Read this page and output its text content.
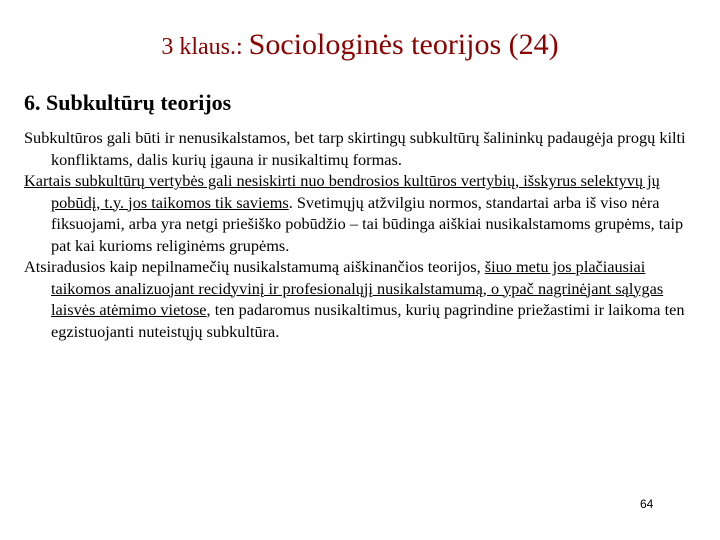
3 klaus.: Sociologinės teorijos (24)
6. Subkultūrų teorijos

Subkultūros gali būti ir nenusikalstamos, bet tarp skirtingų subkultūrų šalininkų padaugėja progų kilti konfliktams, dalis kurių įgauna ir nusikaltimų formas.

Kartais subkultūrų vertybės gali nesiskirti nuo bendrosios kultūros vertybių, išskyrus selektyvų jų pobūdį, t.y. jos taikomos tik saviems. Svetimųjų atžvilgiu normos, standartai arba iš viso nėra fiksuojami, arba yra netgi priešiško pobūdžio – tai būdinga aiškiai nusikalstamoms grupėms, taip pat kai kurioms religinėms grupėms.

Atsiradusios kaip nepilnamečių nusikalstamumą aiškinančios teorijos, šiuo metu jos plačiausiai taikomos analizuojant recidyvinį ir profesionalųjį nusikalstamumą, o ypač nagrinėjant sąlygas laisvės atėmimo vietose, ten padaromus nusikaltimus, kurių pagrindine priežastimi ir laikoma ten egzistuojanti nuteistųjų subkultūra.

64
